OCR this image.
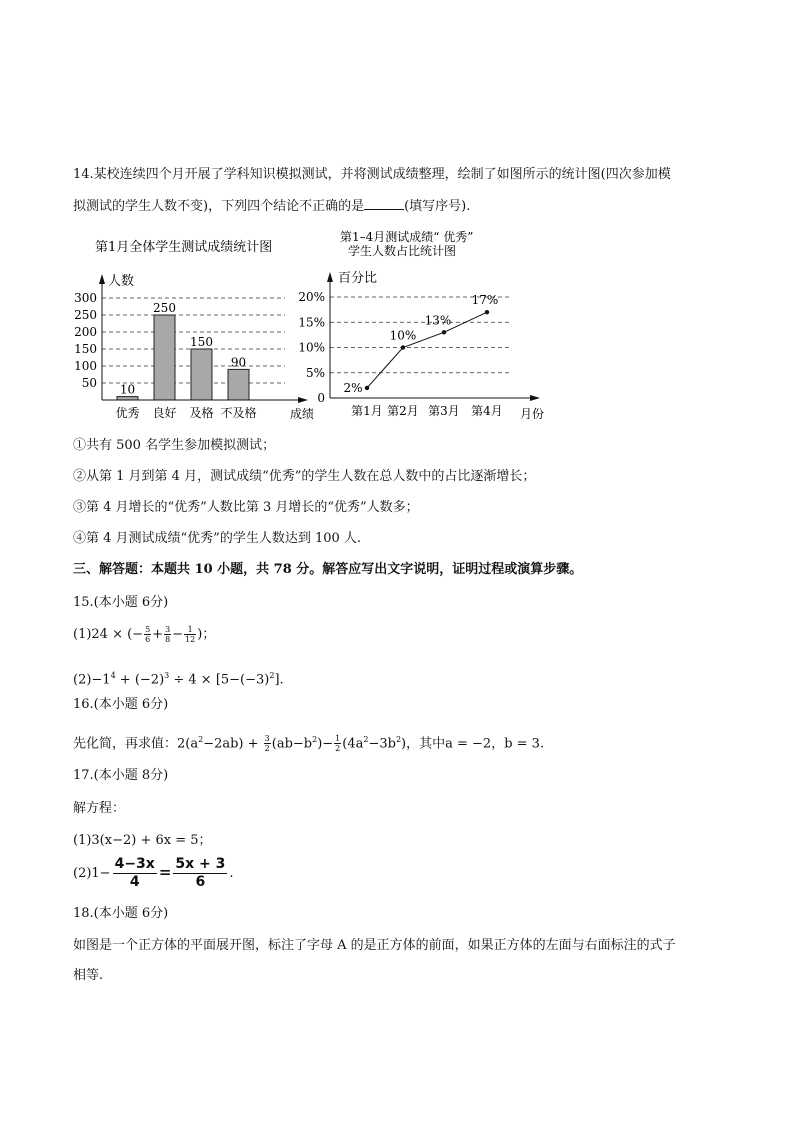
14.某校连续四个月开展了学科知识模拟测试，并将测试成绩整理，绘制了如图所示的统计图(四次参加模
拟测试的学生人数不变)，下列四个结论不正确的是	(填写序号).
第1月全体学生测试成绩统计图
人数
成绩
50
100
150
200
250
300
10
优秀
250
良好
150
及格
90
不及格
第1–4月测试成绩“ 优秀”
学生人数占比统计图
百分比
月份
0
5%
10%
15%
20%
2%
第1月
10%
第2月
13%
第3月
17%
第4月
①共有 500 名学生参加模拟测试；
②从第 1 月到第 4 月，测试成绩“优秀”的学生人数在总人数中的占比逐渐增长；
③第 4 月增长的“优秀”人数比第 3 月增长的“优秀”人数多；
④第 4 月测试成绩“优秀”的学生人数达到 100 人.
三、解答题：本题共 10 小题，共 78 分。解答应写出文字说明，证明过程或演算步骤。
15.(本小题 6分)
(1)24 × (− $\frac{5}{6} + \frac{3}{8} - \frac{1}{12}$ )；
$(2)-1^4 + (-2)^3 \div 4 \times [5-(-3)^2]$.
16.(本小题 6分)
先化简，再求值：$2(a^2-2ab) + \frac{3}{2} (ab-b^2)- \frac{1}{2} (4a^2-3b^2)$，其中a = −2，b = 3.
17.(本小题 8分)
解方程：
(1)3(x−2) + 6x = 5；
$(2)1- \frac{4-3x}{4} = \frac{5x + 3}{6}$ .
18.(本小题 6分)
如图是一个正方体的平面展开图，标注了字母 A 的是正方体的前面，如果正方体的左面与右面标注的式子
相等.
